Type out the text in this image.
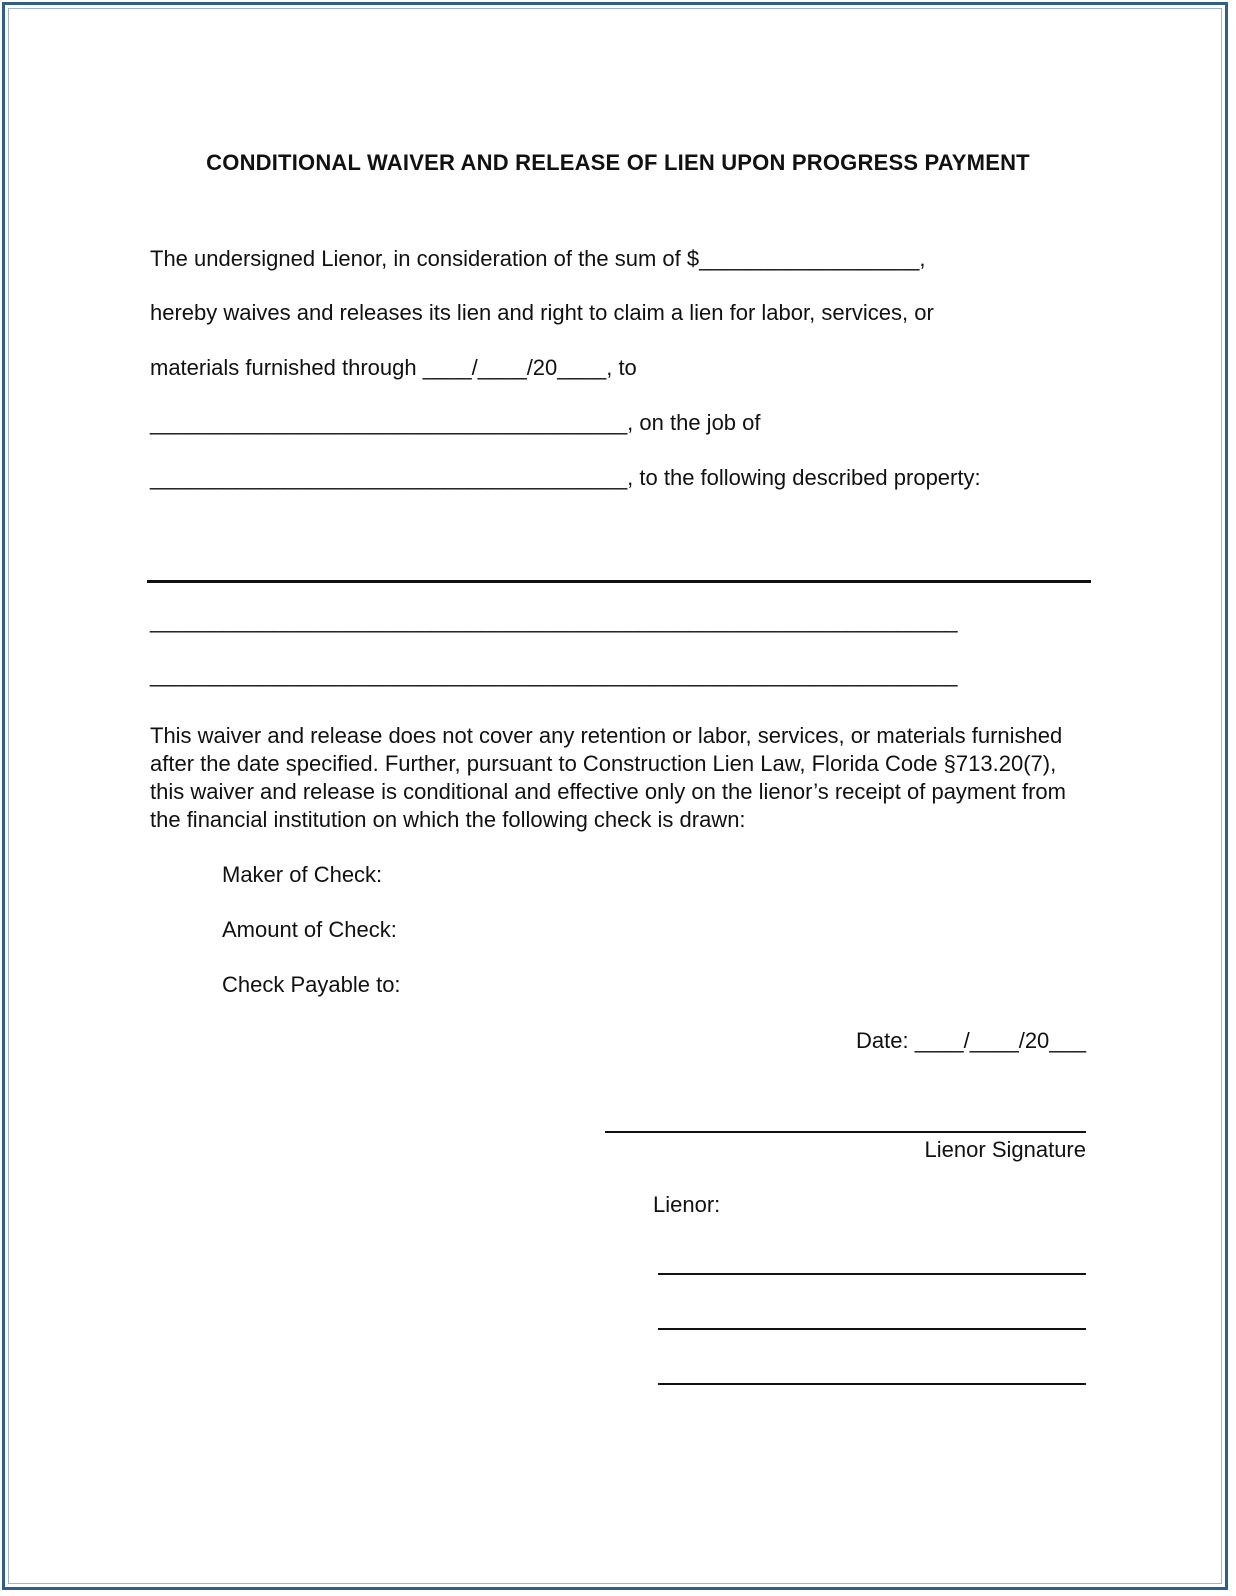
CONDITIONAL WAIVER AND RELEASE OF LIEN UPON PROGRESS PAYMENT
The undersigned Lienor, in consideration of the sum of $__________________,
hereby waives and releases its lien and right to claim a lien for labor, services, or
materials furnished through ____/____/20____, to
_______________________________________, on the job of
_______________________________________, to the following described property:
__________________________________________________________________
__________________________________________________________________
This waiver and release does not cover any retention or labor, services, or materials furnished after the date specified. Further, pursuant to Construction Lien Law, Florida Code §713.20(7), this waiver and release is conditional and effective only on the lienor’s receipt of payment from the financial institution on which the following check is drawn:
Maker of Check:
Amount of Check:
Check Payable to:
Date: ____/____/20___
Lienor Signature
Lienor:
